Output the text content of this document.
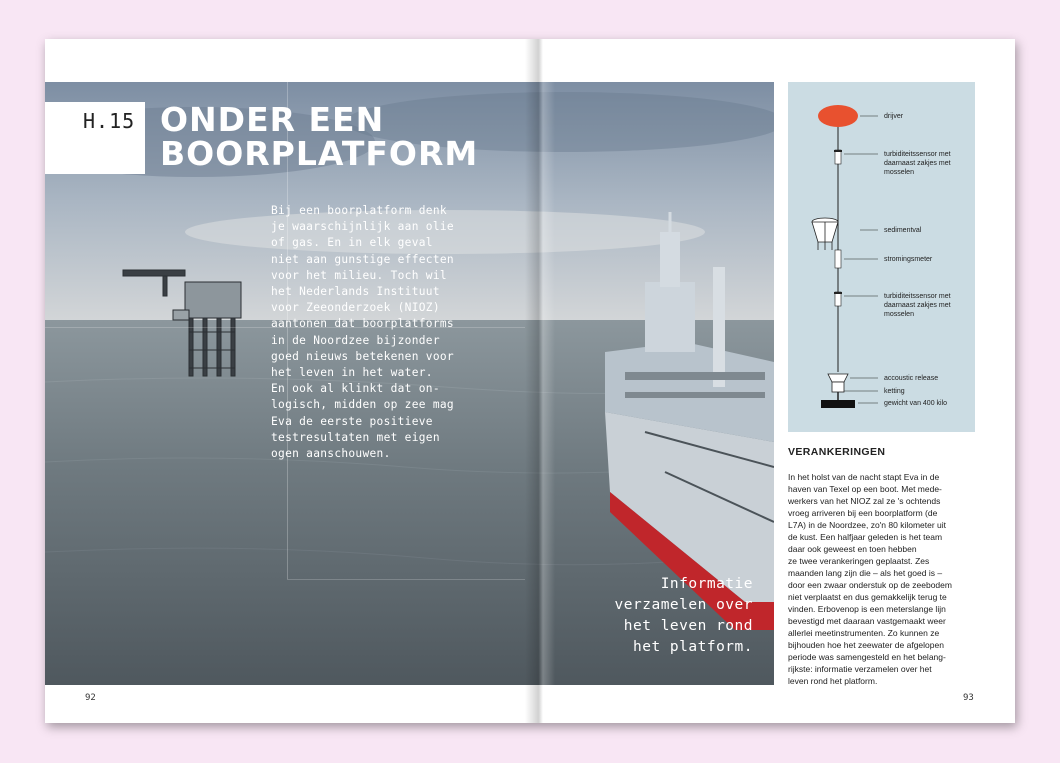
H.15 ONDER EEN
BOORPLATFORM
Bij een boorplatform denk
je waarschijnlijk aan olie
of gas. En in elk geval
niet aan gunstige effecten
voor het milieu. Toch wil
het Nederlands Instituut
voor Zeeonderzoek (NIOZ)
aantonen dat boorplatforms
in de Noordzee bijzonder
goed nieuws betekenen voor
het leven in het water.
En ook al klinkt dat on-
logisch, midden op zee mag
Eva de eerste positieve
testresultaten met eigen
ogen aanschouwen.
Informatie
verzamelen over
het leven rond
het platform.
92	93
drijver
turbiditeitssensor met daarnaast zakjes met mosselen
sedimentval
stromingsmeter
turbiditeitssensor met daarnaast zakjes met mosselen
accoustic release
ketting
gewicht van 400 kilo
VERANKERINGEN
In het holst van de nacht stapt Eva in de
haven van Texel op een boot. Met mede-
werkers van het NIOZ zal ze 's ochtends
vroeg arriveren bij een boorplatform (de
L7A) in de Noordzee, zo'n 80 kilometer uit
de kust. Een halfjaar geleden is het team
daar ook geweest en toen hebben
ze twee verankeringen geplaatst. Zes
maanden lang zijn die – als het goed is –
door een zwaar onderstuk op de zeebodem
niet verplaatst en dus gemakkelijk terug te
vinden. Erbovenop is een meterslange lijn
bevestigd met daaraan vastgemaakt weer
allerlei meetinstrumenten. Zo kunnen ze
bijhouden hoe het zeewater de afgelopen
periode was samengesteld en het belang-
rijkste: informatie verzamelen over het
leven rond het platform.
